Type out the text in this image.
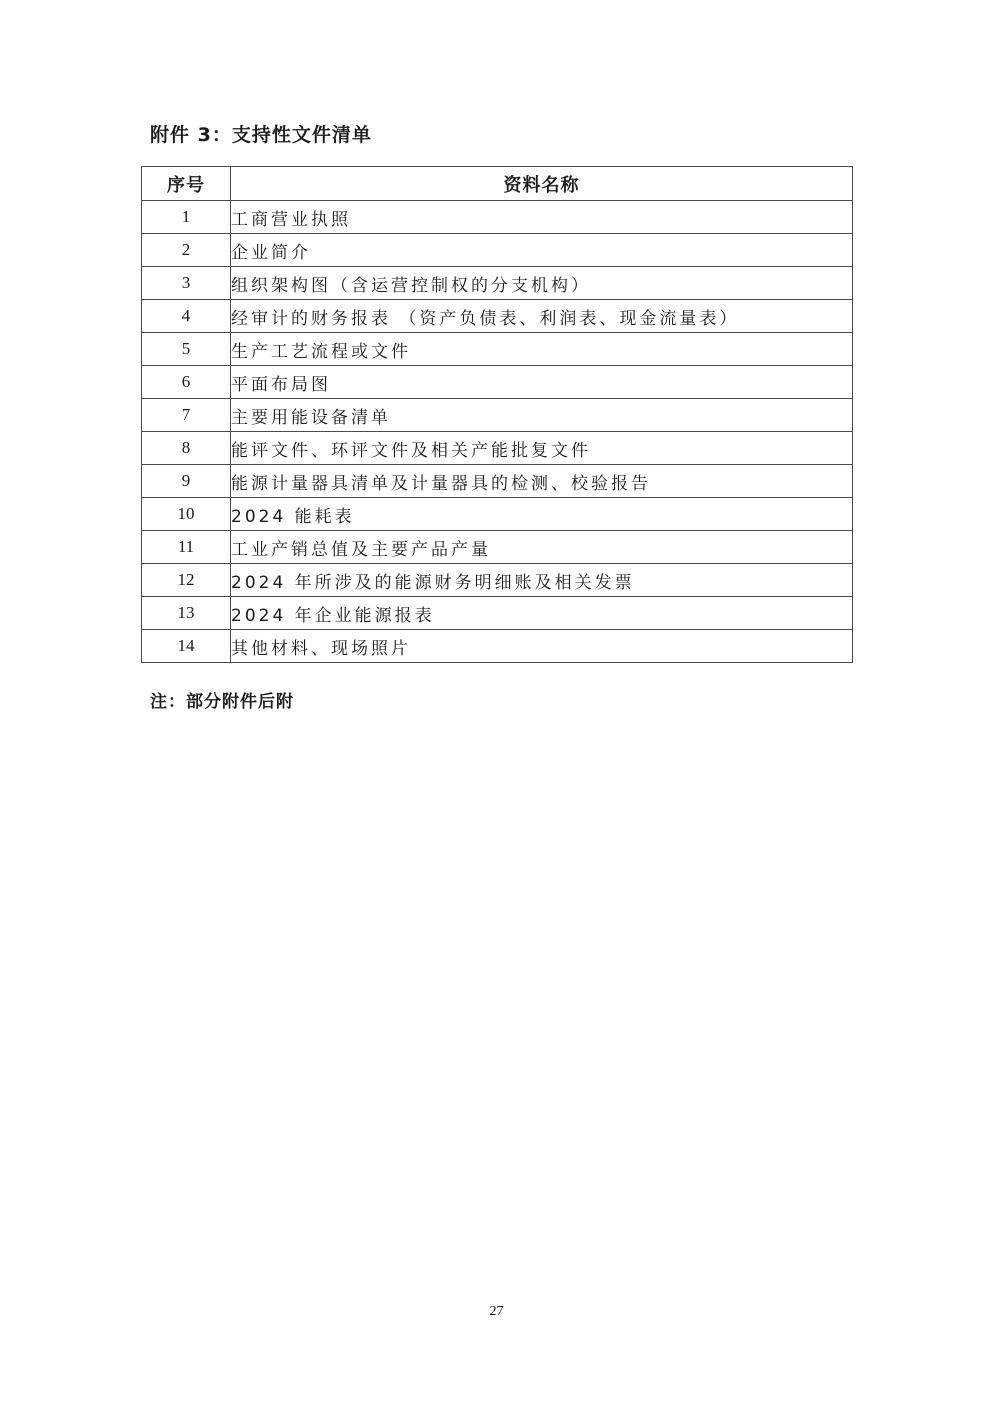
附件 3：支持性文件清单
序号	资料名称
1	工商营业执照
2	企业简介
3	组织架构图（含运营控制权的分支机构）
4	经审计的财务报表 （资产负债表、利润表、现金流量表）
5	生产工艺流程或文件
6	平面布局图
7	主要用能设备清单
8	能评文件、环评文件及相关产能批复文件
9	能源计量器具清单及计量器具的检测、校验报告
10	2024 能耗表
11	工业产销总值及主要产品产量
12	2024 年所涉及的能源财务明细账及相关发票
13	2024 年企业能源报表
14	其他材料、现场照片
注：部分附件后附
27
